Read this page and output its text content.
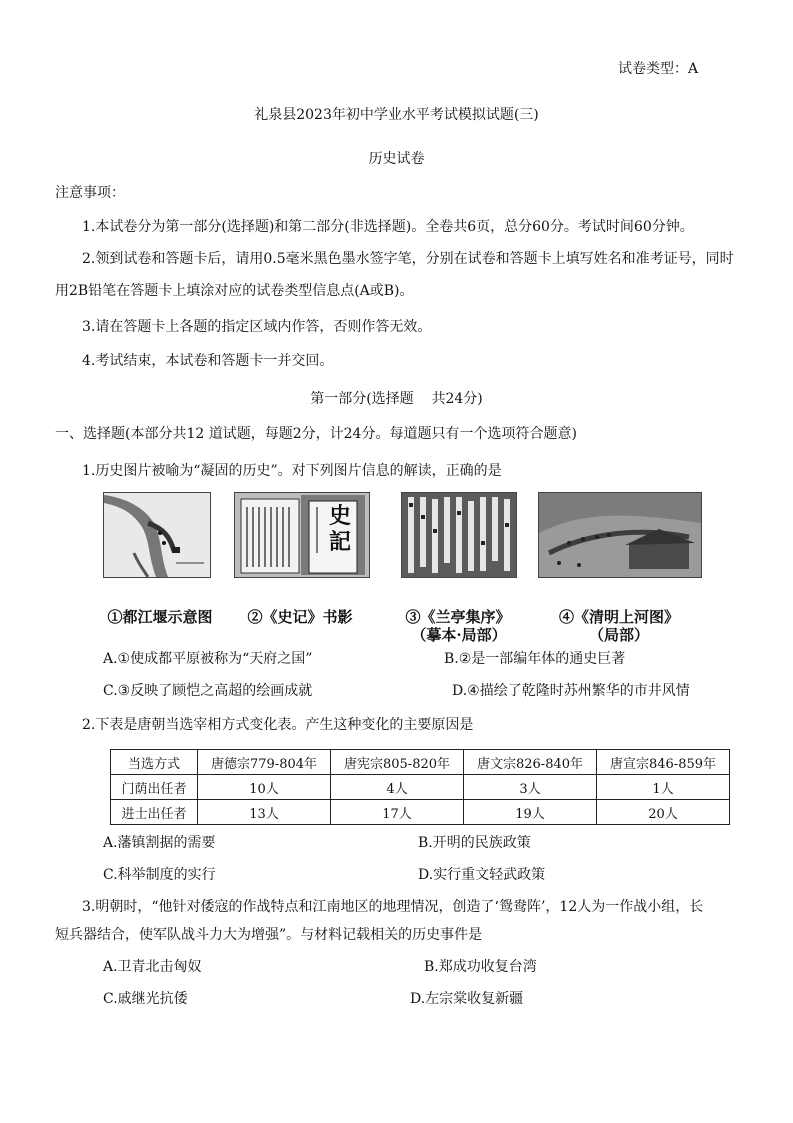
试卷类型：A
礼泉县2023年初中学业水平考试模拟试题(三)
历史试卷
注意事项：
1.本试卷分为第一部分(选择题)和第二部分(非选择题)。全卷共6页，总分60分。考试时间60分钟。
2.领到试卷和答题卡后，请用0.5毫米黑色墨水签字笔，分别在试卷和答题卡上填写姓名和准考证号，同时
用2B铅笔在答题卡上填涂对应的试卷类型信息点(A或B)。
3.请在答题卡上各题的指定区域内作答，否则作答无效。
4.考试结束，本试卷和答题卡一并交回。
第一部分(选择题    共24分)
一、选择题(本部分共12 道试题，每题2分，计24分。每道题只有一个选项符合题意)
1.历史图片被喻为“凝固的历史”。对下列图片信息的解读，正确的是
史記
①都江堰示意图	②《史记》书影	③《兰亭集序》
（摹本·局部）
④《清明上河图》
（局部）
A.①使成都平原被称为“天府之国”	B.②是一部编年体的通史巨著
C.③反映了顾恺之高超的绘画成就	D.④描绘了乾隆时苏州繁华的市井风情
2.下表是唐朝当选宰相方式变化表。产生这种变化的主要原因是
当选方式	唐德宗779-804年	唐宪宗805-820年	唐文宗826-840年	唐宣宗846-859年
门荫出任者	10人	4人	3人	1人
进士出任者	13人	17人	19人	20人
A.藩镇割据的需要	B.开明的民族政策
C.科举制度的实行	D.实行重文轻武政策
3.明朝时，“他针对倭寇的作战特点和江南地区的地理情况，创造了‘鸳鸯阵’，12人为一作战小组，长
短兵器结合，使军队战斗力大为增强”。与材料记载相关的历史事件是
A.卫青北击匈奴	B.郑成功收复台湾
C.戚继光抗倭	D.左宗棠收复新疆
